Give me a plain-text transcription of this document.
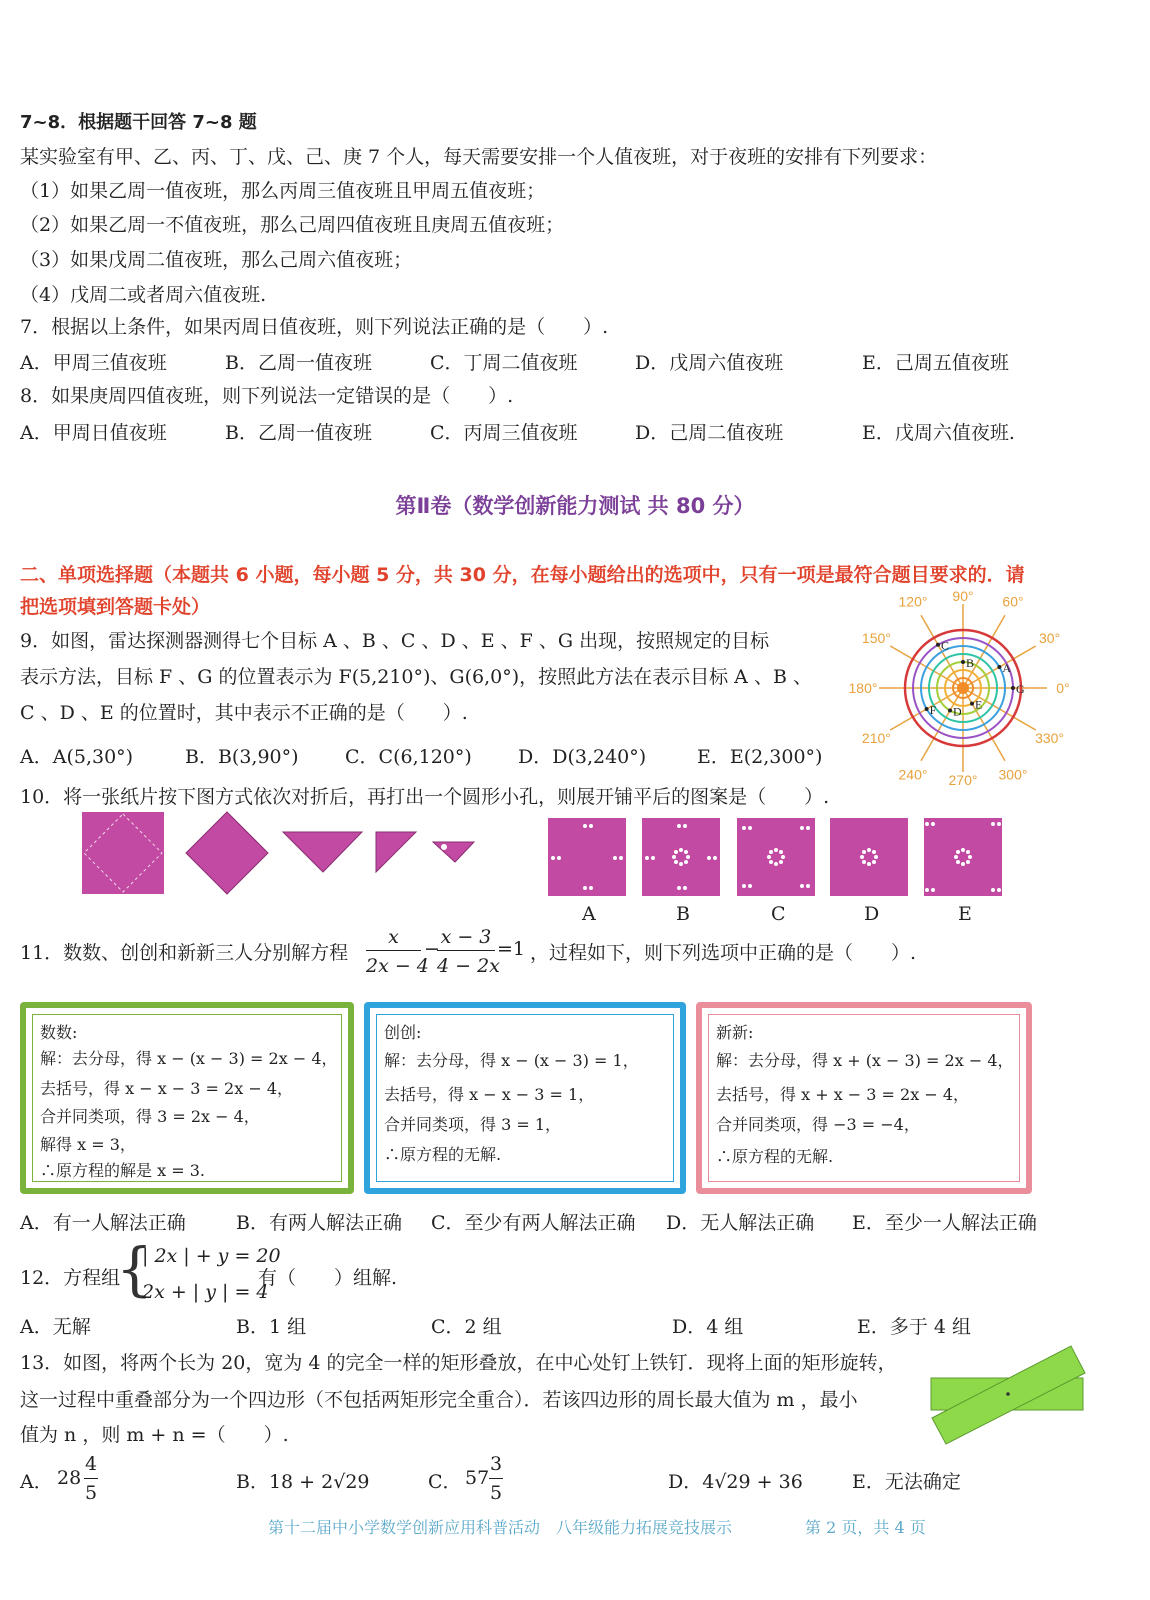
7~8．根据题干回答 7~8 题
某实验室有甲、乙、丙、丁、戊、己、庚 7 个人，每天需要安排一个人值夜班，对于夜班的安排有下列要求：
（1）如果乙周一值夜班，那么丙周三值夜班且甲周五值夜班；
（2）如果乙周一不值夜班，那么己周四值夜班且庚周五值夜班；
（3）如果戊周二值夜班，那么己周六值夜班；
（4）戊周二或者周六值夜班.
7．根据以上条件，如果丙周日值夜班，则下列说法正确的是（　　）.
A．甲周三值夜班	B．乙周一值夜班	C．丁周二值夜班	D．戊周六值夜班	E．己周五值夜班
8．如果庚周四值夜班，则下列说法一定错误的是（　　）.
A．甲周日值夜班	B．乙周一值夜班	C．丙周三值夜班	D．己周二值夜班	E．戊周六值夜班.
第Ⅱ卷（数学创新能力测试 共 80 分）
二、单项选择题（本题共 6 小题，每小题 5 分，共 30 分，在每小题给出的选项中，只有一项是最符合题目要求的．请
把选项填到答题卡处）
9．如图，雷达探测器测得七个目标 A 、B 、C 、D 、E 、F 、G 出现，按照规定的目标
表示方法，目标 F 、G 的位置表示为 F(5,210°)、G(6,0°)，按照此方法在表示目标 A 、B 、
C 、D 、E 的位置时，其中表示不正确的是（　　）.
A．A(5,30°)	B．B(3,90°) C．C(6,120°) D．D(3,240°)	E．E(2,300°)
0°
30°
60°
90°
120°
150°
180°
210°
240° 270° 300°
330°
A
B
C
D E
F
G
10．将一张纸片按下图方式依次对折后，再打出一个圆形小孔，则展开铺平后的图案是（　　）.
A	B	C	D	E
11．数数、创创和新新三人分别解方程
x
2x − 4
−
x − 3
4 − 2x
=1 ，过程如下，则下列选项中正确的是（　　）.
数数:
解：去分母，得 x − (x − 3) = 2x − 4，
去括号，得 x − x − 3 = 2x − 4，
合并同类项，得 3 = 2x − 4，
解得 x = 3，
∴原方程的解是 x = 3.
创创:
解：去分母，得 x − (x − 3) = 1，
去括号，得 x − x − 3 = 1，
合并同类项，得 3 = 1，
∴原方程的无解.
新新:
解：去分母，得 x + (x − 3) = 2x − 4，
去括号，得 x + x − 3 = 2x − 4，
合并同类项，得 −3 = −4，
∴原方程的无解.
A．有一人解法正确	B．有两人解法正确 C．至少有两人解法正确 D．无人解法正确 E．至少一人解法正确
12．方程组
{
| 2x | + y = 20
2x + | y | = 4
有（　　）组解.
A．无解	B．1 组	C．2 组	D．4 组	E．多于 4 组
13．如图，将两个长为 20，宽为 4 的完全一样的矩形叠放，在中心处钉上铁钉．现将上面的矩形旋转，
这一过程中重叠部分为一个四边形（不包括两矩形完全重合）．若该四边形的周长最大值为 m ，最小
值为 n ，则 m + n =（　　）.
A． 28
4
5	B．18 + 2√29	C． 57
3
5	D．4√29 + 36	E．无法确定
第十二届中小学数学创新应用科普活动　八年级能力拓展竞技展示	第 2 页，共 4 页
